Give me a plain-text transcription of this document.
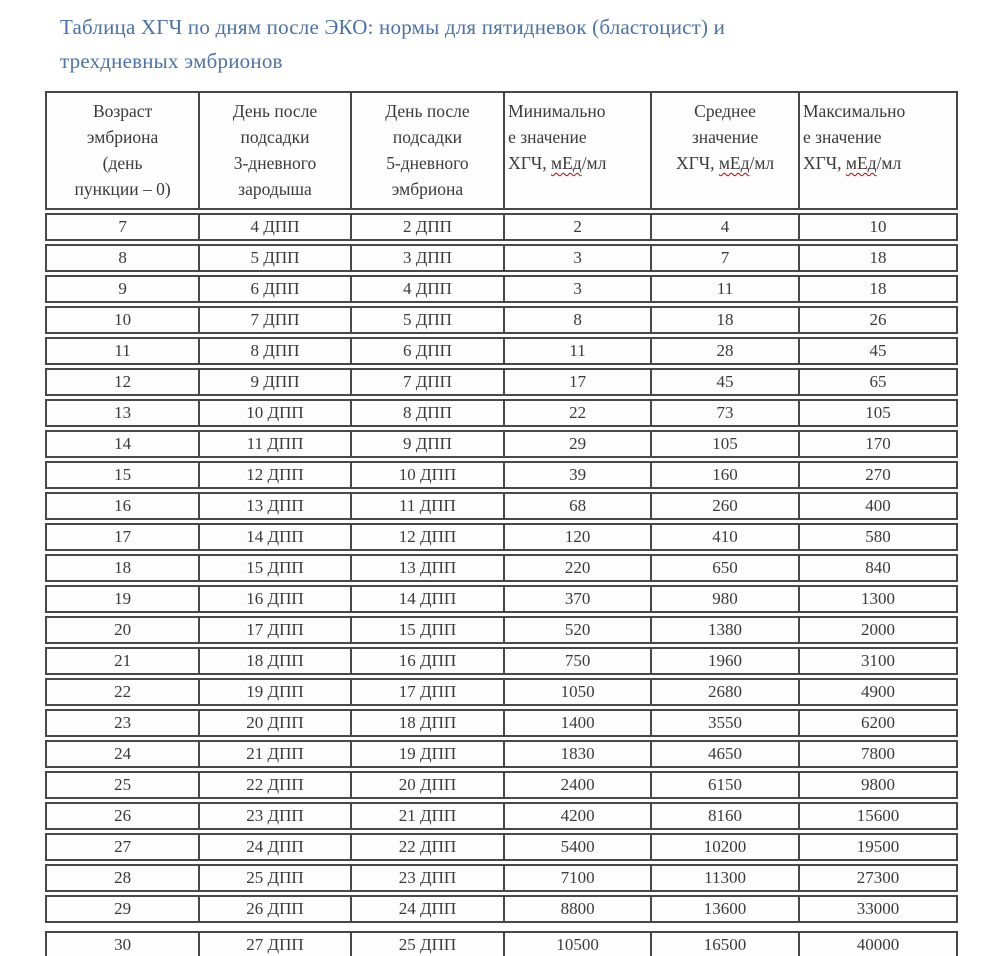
Таблица ХГЧ по дням после ЭКО: нормы для пятидневок (бластоцист) и
трехдневных эмбрионов
Возраст
эмбриона
(день
пункции – 0)

День после
подсадки
3-дневного
зародыша

День после
подсадки
5-дневного
эмбриона

Минимально
е значение
ХГЧ, мЕд/мл

Среднее
значение
ХГЧ, мЕд/мл

Максимально
е значение
ХГЧ, мЕд/мл

7	4 ДПП	2 ДПП	2	4	10
8	5 ДПП	3 ДПП	3	7	18
9	6 ДПП	4 ДПП	3	11	18
10	7 ДПП	5 ДПП	8	18	26
11	8 ДПП	6 ДПП	11	28	45
12	9 ДПП	7 ДПП	17	45	65
13	10 ДПП	8 ДПП	22	73	105
14	11 ДПП	9 ДПП	29	105	170
15	12 ДПП	10 ДПП	39	160	270
16	13 ДПП	11 ДПП	68	260	400
17	14 ДПП	12 ДПП	120	410	580
18	15 ДПП	13 ДПП	220	650	840
19	16 ДПП	14 ДПП	370	980	1300
20	17 ДПП	15 ДПП	520	1380	2000
21	18 ДПП	16 ДПП	750	1960	3100
22	19 ДПП	17 ДПП	1050	2680	4900
23	20 ДПП	18 ДПП	1400	3550	6200
24	21 ДПП	19 ДПП	1830	4650	7800
25	22 ДПП	20 ДПП	2400	6150	9800
26	23 ДПП	21 ДПП	4200	8160	15600
27	24 ДПП	22 ДПП	5400	10200	19500
28	25 ДПП	23 ДПП	7100	11300	27300
29	26 ДПП	24 ДПП	8800	13600	33000

30	27 ДПП	25 ДПП	10500	16500	40000
